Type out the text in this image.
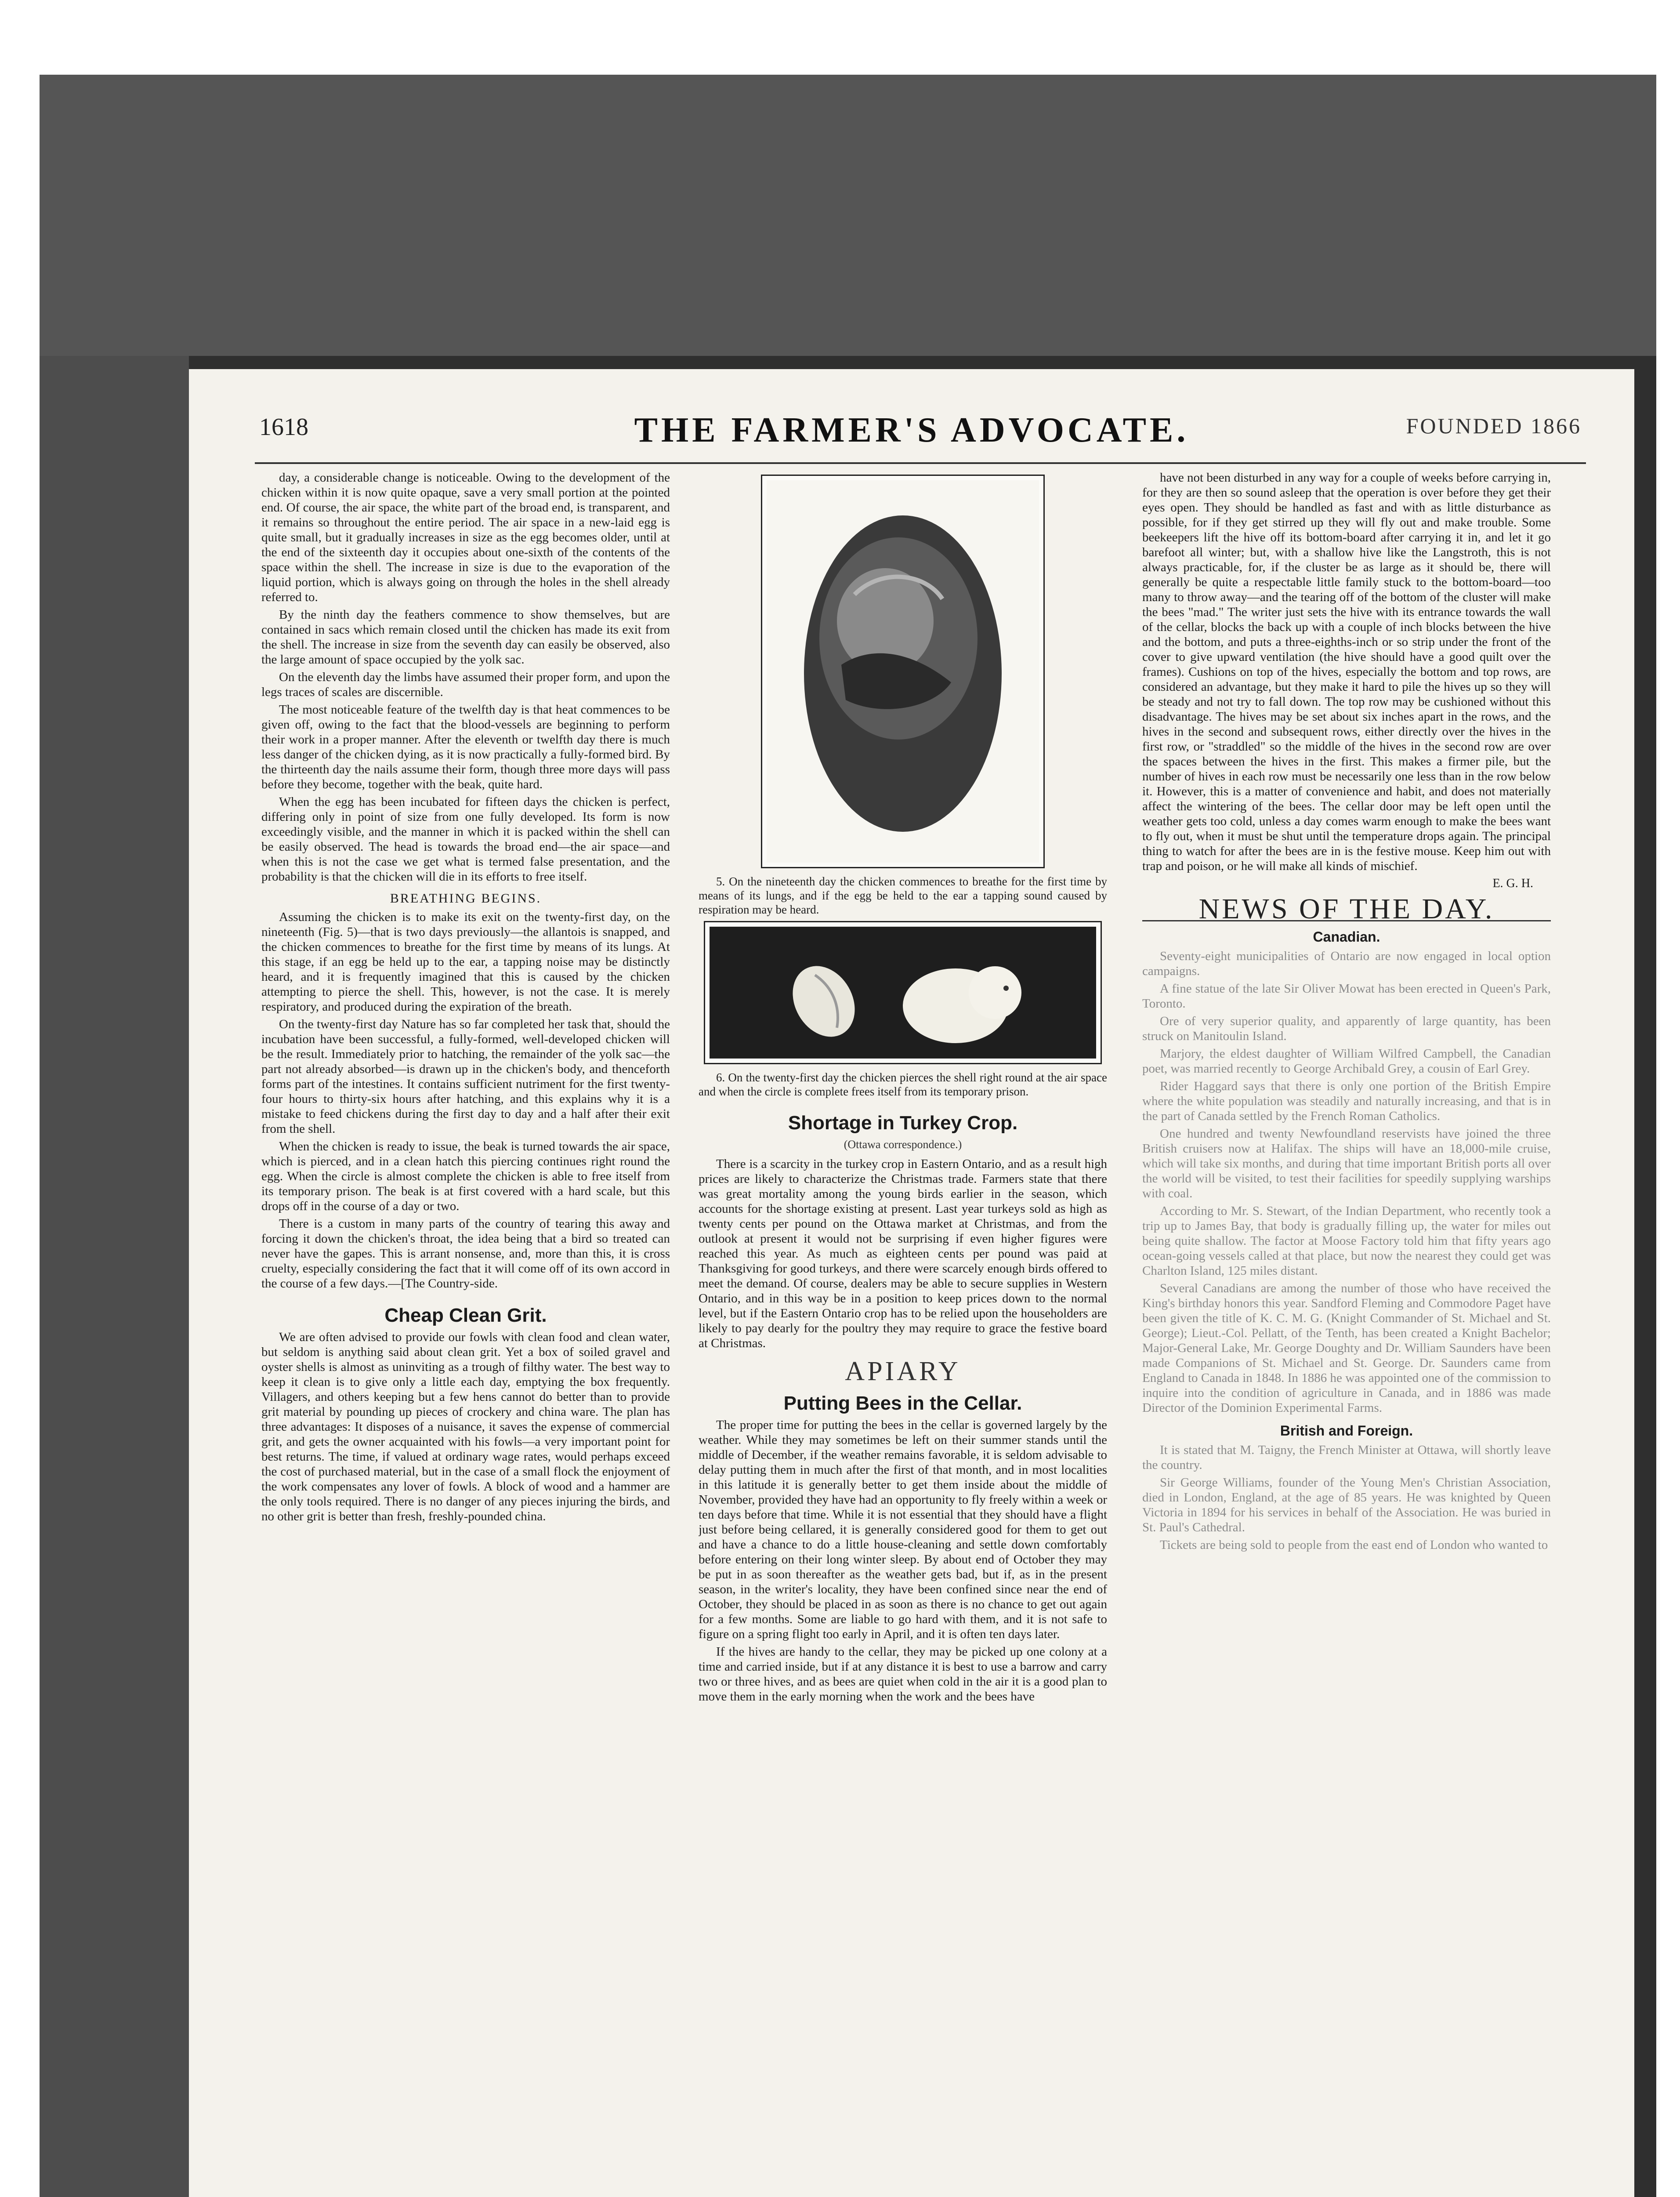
1618	THE FARMER'S ADVOCATE.	FOUNDED 1866

day, a considerable change is noticeable. Owing to the development of the chicken within it is now quite opaque, save a very small portion at the pointed end. Of course, the air space, the white part of the broad end, is transparent, and it remains so throughout the entire period. The air space in a new-laid egg is quite small, but it gradually increases in size as the egg becomes older, until at the end of the sixteenth day it occupies about one-sixth of the contents of the space within the shell. The increase in size is due to the evaporation of the liquid portion, which is always going on through the holes in the shell already referred to.

By the ninth day the feathers commence to show themselves, but are contained in sacs which remain closed until the chicken has made its exit from the shell. The increase in size from the seventh day can easily be observed, also the large amount of space occupied by the yolk sac.

On the eleventh day the limbs have assumed their proper form, and upon the legs traces of scales are discernible.

The most noticeable feature of the twelfth day is that heat commences to be given off, owing to the fact that the blood-vessels are beginning to perform their work in a proper manner. After the eleventh or twelfth day there is much less danger of the chicken dying, as it is now practically a fully-formed bird. By the thirteenth day the nails assume their form, though three more days will pass before they become, together with the beak, quite hard.

When the egg has been incubated for fifteen days the chicken is perfect, differing only in point of size from one fully developed. Its form is now exceedingly visible, and the manner in which it is packed within the shell can be easily observed. The head is towards the broad end—the air space—and when this is not the case we get what is termed false presentation, and the probability is that the chicken will die in its efforts to free itself.

BREATHING BEGINS.

Assuming the chicken is to make its exit on the twenty-first day, on the nineteenth (Fig. 5)—that is two days previously—the allantois is snapped, and the chicken commences to breathe for the first time by means of its lungs. At this stage, if an egg be held up to the ear, a tapping noise may be distinctly heard, and it is frequently imagined that this is caused by the chicken attempting to pierce the shell. This, however, is not the case. It is merely respiratory, and produced during the expiration of the breath.

On the twenty-first day Nature has so far completed her task that, should the incubation have been successful, a fully-formed, well-developed chicken will be the result. Immediately prior to hatching, the remainder of the yolk sac—the part not already absorbed—is drawn up in the chicken's body, and thenceforth forms part of the intestines. It contains sufficient nutriment for the first twenty-four hours to thirty-six hours after hatching, and this explains why it is a mistake to feed chickens during the first day to day and a half after their exit from the shell.

When the chicken is ready to issue, the beak is turned towards the air space, which is pierced, and in a clean hatch this piercing continues right round the egg. When the circle is almost complete the chicken is able to free itself from its temporary prison. The beak is at first covered with a hard scale, but this drops off in the course of a day or two.

There is a custom in many parts of the country of tearing this away and forcing it down the chicken's throat, the idea being that a bird so treated can never have the gapes. This is arrant nonsense, and, more than this, it is cross cruelty, especially considering the fact that it will come off of its own accord in the course of a few days.—[The Country-side.

Cheap Clean Grit.

We are often advised to provide our fowls with clean food and clean water, but seldom is anything said about clean grit. Yet a box of soiled gravel and oyster shells is almost as uninviting as a trough of filthy water. The best way to keep it clean is to give only a little each day, emptying the box frequently. Villagers, and others keeping but a few hens cannot do better than to provide grit material by pounding up pieces of crockery and china ware. The plan has three advantages: It disposes of a nuisance, it saves the expense of commercial grit, and gets the owner acquainted with his fowls—a very important point for best returns. The time, if valued at ordinary wage rates, would perhaps exceed the cost of purchased material, but in the case of a small flock the enjoyment of the work compensates any lover of fowls. A block of wood and a hammer are the only tools required. There is no danger of any pieces injuring the birds, and no other grit is better than fresh, freshly-pounded china.

5. On the nineteenth day the chicken commences to breathe for the first time by means of its lungs, and if the egg be held to the ear a tapping sound caused by respiration may be heard.

6. On the twenty-first day the chicken pierces the shell right round at the air space and when the circle is complete frees itself from its temporary prison.

Shortage in Turkey Crop.
(Ottawa correspondence.)

There is a scarcity in the turkey crop in Eastern Ontario, and as a result high prices are likely to characterize the Christmas trade. Farmers state that there was great mortality among the young birds earlier in the season, which accounts for the shortage existing at present. Last year turkeys sold as high as twenty cents per pound on the Ottawa market at Christmas, and from the outlook at present it would not be surprising if even higher figures were reached this year. As much as eighteen cents per pound was paid at Thanksgiving for good turkeys, and there were scarcely enough birds offered to meet the demand. Of course, dealers may be able to secure supplies in Western Ontario, and in this way be in a position to keep prices down to the normal level, but if the Eastern Ontario crop has to be relied upon the householders are likely to pay dearly for the poultry they may require to grace the festive board at Christmas.

APIARY
Putting Bees in the Cellar.

The proper time for putting the bees in the cellar is governed largely by the weather. While they may sometimes be left on their summer stands until the middle of December, if the weather remains favorable, it is seldom advisable to delay putting them in much after the first of that month, and in most localities in this latitude it is generally better to get them inside about the middle of November, provided they have had an opportunity to fly freely within a week or ten days before that time. While it is not essential that they should have a flight just before being cellared, it is generally considered good for them to get out and have a chance to do a little house-cleaning and settle down comfortably before entering on their long winter sleep. By about end of October they may be put in as soon thereafter as the weather gets bad, but if, as in the present season, in the writer's locality, they have been confined since near the end of October, they should be placed in as soon as there is no chance to get out again for a few months. Some are liable to go hard with them, and it is not safe to figure on a spring flight too early in April, and it is often ten days later.

If the hives are handy to the cellar, they may be picked up one colony at a time and carried inside, but if at any distance it is best to use a barrow and carry two or three hives, and as bees are quiet when cold in the air it is a good plan to move them in the early morning when the work and the bees have

have not been disturbed in any way for a couple of weeks before carrying in, for they are then so sound asleep that the operation is over before they get their eyes open. They should be handled as fast and with as little disturbance as possible, for if they get stirred up they will fly out and make trouble. Some beekeepers lift the hive off its bottom-board after carrying it in, and let it go barefoot all winter; but, with a shallow hive like the Langstroth, this is not always practicable, for, if the cluster be as large as it should be, there will generally be quite a respectable little family stuck to the bottom-board—too many to throw away—and the tearing off of the bottom of the cluster will make the bees "mad." The writer just sets the hive with its entrance towards the wall of the cellar, blocks the back up with a couple of inch blocks between the hive and the bottom, and puts a three-eighths-inch or so strip under the front of the cover to give upward ventilation (the hive should have a good quilt over the frames). Cushions on top of the hives, especially the bottom and top rows, are considered an advantage, but they make it hard to pile the hives up so they will be steady and not try to fall down. The top row may be cushioned without this disadvantage. The hives may be set about six inches apart in the rows, and the hives in the second and subsequent rows, either directly over the hives in the first row, or "straddled" so the middle of the hives in the second row are over the spaces between the hives in the first. This makes a firmer pile, but the number of hives in each row must be necessarily one less than in the row below it. However, this is a matter of convenience and habit, and does not materially affect the wintering of the bees. The cellar door may be left open until the weather gets too cold, unless a day comes warm enough to make the bees want to fly out, when it must be shut until the temperature drops again. The principal thing to watch for after the bees are in is the festive mouse. Keep him out with trap and poison, or he will make all kinds of mischief.

E. G. H.
NEWS OF THE DAY.
Canadian.

Seventy-eight municipalities of Ontario are now engaged in local option campaigns.

A fine statue of the late Sir Oliver Mowat has been erected in Queen's Park, Toronto.

Ore of very superior quality, and apparently of large quantity, has been struck on Manitoulin Island.

Marjory, the eldest daughter of William Wilfred Campbell, the Canadian poet, was married recently to George Archibald Grey, a cousin of Earl Grey.

Rider Haggard says that there is only one portion of the British Empire where the white population was steadily and naturally increasing, and that is in the part of Canada settled by the French Roman Catholics.

One hundred and twenty Newfoundland reservists have joined the three British cruisers now at Halifax. The ships will have an 18,000-mile cruise, which will take six months, and during that time important British ports all over the world will be visited, to test their facilities for speedily supplying warships with coal.

According to Mr. S. Stewart, of the Indian Department, who recently took a trip up to James Bay, that body is gradually filling up, the water for miles out being quite shallow. The factor at Moose Factory told him that fifty years ago ocean-going vessels called at that place, but now the nearest they could get was Charlton Island, 125 miles distant.

Several Canadians are among the number of those who have received the King's birthday honors this year. Sandford Fleming and Commodore Paget have been given the title of K. C. M. G. (Knight Commander of St. Michael and St. George); Lieut.-Col. Pellatt, of the Tenth, has been created a Knight Bachelor; Major-General Lake, Mr. George Doughty and Dr. William Saunders have been made Companions of St. Michael and St. George. Dr. Saunders came from England to Canada in 1848. In 1886 he was appointed one of the commission to inquire into the condition of agriculture in Canada, and in 1886 was made Director of the Dominion Experimental Farms.

British and Foreign.

It is stated that M. Taigny, the French Minister at Ottawa, will shortly leave the country.

Sir George Williams, founder of the Young Men's Christian Association, died in London, England, at the age of 85 years. He was knighted by Queen Victoria in 1894 for his services in behalf of the Association. He was buried in St. Paul's Cathedral.

Tickets are being sold to people from the east end of London who wanted to
